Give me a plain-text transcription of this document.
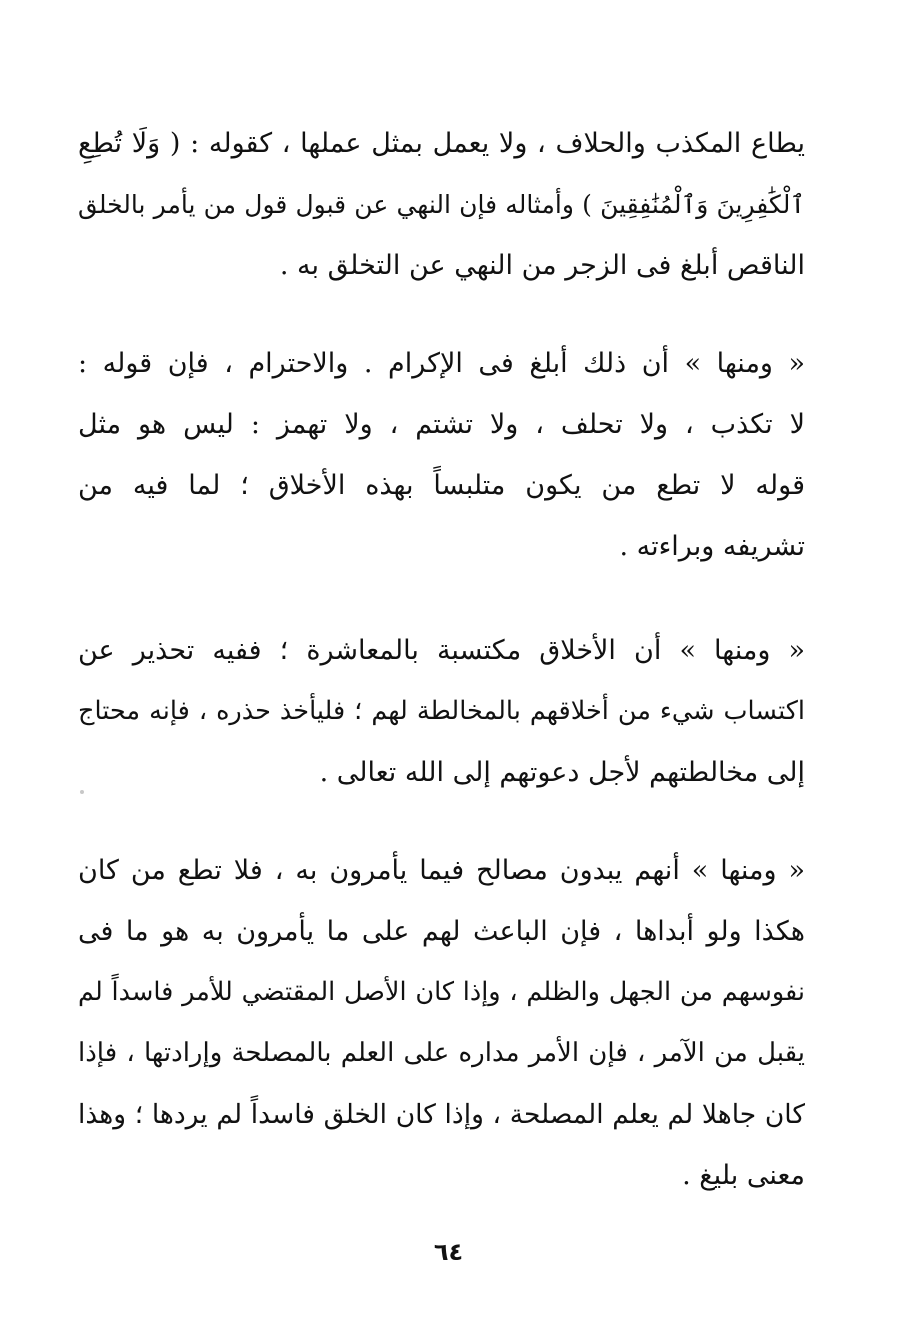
يطاع المكذب والحلاف ، ولا يعمل بمثل عملها ، كقوله : ( وَلَا تُطِعِ
ٱلْكَٰفِرِينَ وَٱلْمُنَٰفِقِينَ ) وأمثاله فإن النهي عن قبول قول من يأمر بالخلق
الناقص أبلغ فى الزجر من النهي عن التخلق به .
« ومنها » أن ذلك أبلغ فى الإكرام . والاحترام ، فإن قوله :
لا تكذب ، ولا تحلف ، ولا تشتم ، ولا تهمز : ليس هو مثل
قوله لا تطع من يكون متلبساً بهذه الأخلاق ؛ لما فيه من
تشريفه وبراءته .
« ومنها » أن الأخلاق مكتسبة بالمعاشرة ؛ ففيه تحذير عن
اكتساب شيء من أخلاقهم بالمخالطة لهم ؛ فليأخذ حذره ، فإنه محتاج
إلى مخالطتهم لأجل دعوتهم إلى الله تعالى .
« ومنها » أنهم يبدون مصالح فيما يأمرون به ، فلا تطع من كان
هكذا ولو أبداها ، فإن الباعث لهم على ما يأمرون به هو ما فى
نفوسهم من الجهل والظلم ، وإذا كان الأصل المقتضي للأمر فاسداً لم
يقبل من الآمر ، فإن الأمر مداره على العلم بالمصلحة وإرادتها ، فإذا
كان جاهلا لم يعلم المصلحة ، وإذا كان الخلق فاسداً لم يردها ؛ وهذا
معنى بليغ .
٦٤
